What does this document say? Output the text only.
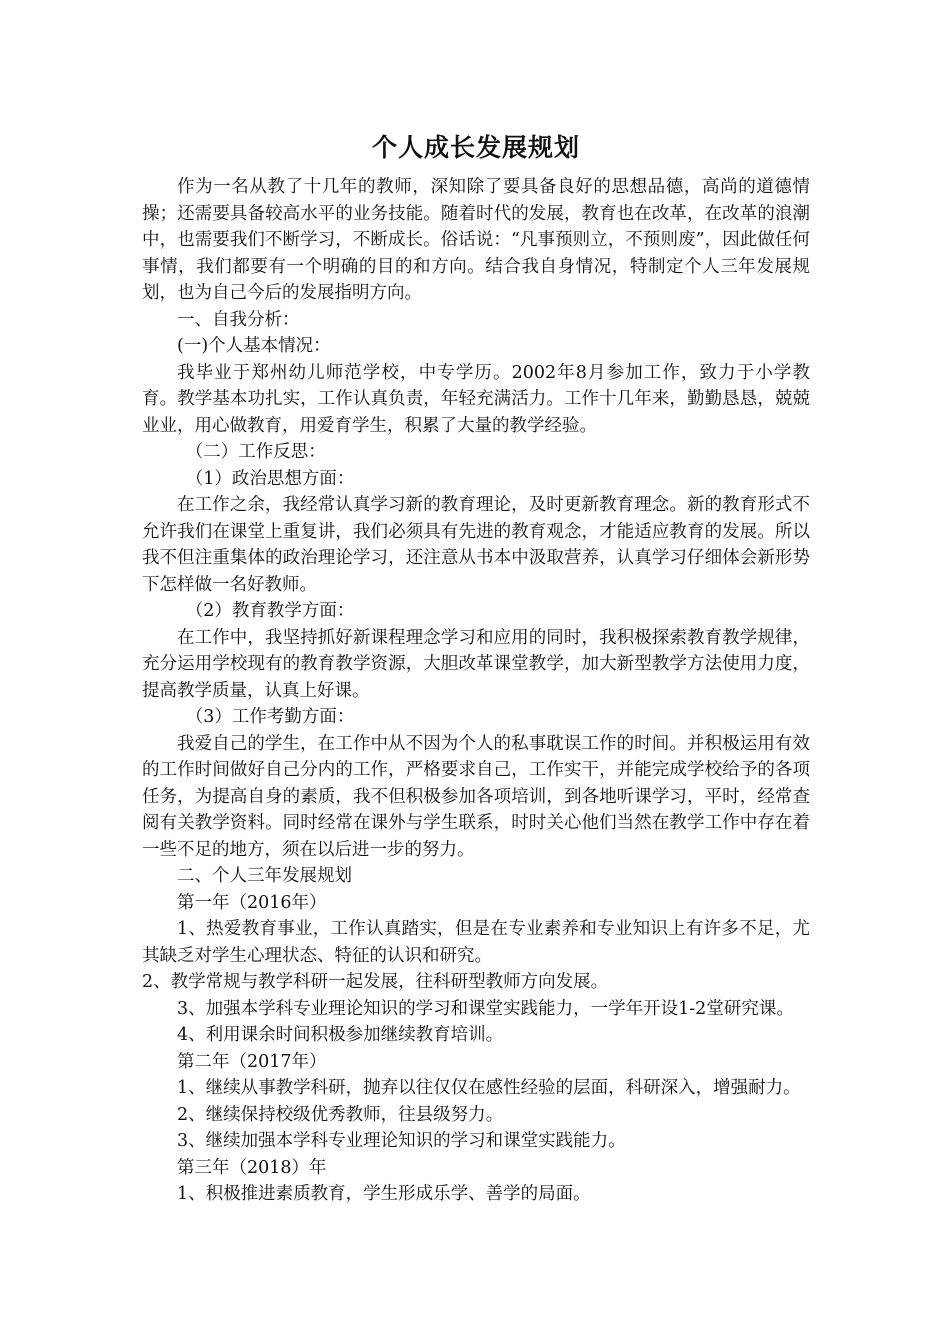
个人成长发展规划

作为一名从教了十几年的教师，深知除了要具备良好的思想品德，高尚的道德情操；还需要具备较高水平的业务技能。随着时代的发展，教育也在改革，在改革的浪潮中，也需要我们不断学习，不断成长。俗话说：“凡事预则立，不预则废”，因此做任何事情，我们都要有一个明确的目的和方向。结合我自身情况，特制定个人三年发展规划，也为自己今后的发展指明方向。

一、自我分析：

(一)个人基本情况：

我毕业于郑州幼儿师范学校，中专学历。2002年8月参加工作，致力于小学教育。教学基本功扎实，工作认真负责，年轻充满活力。工作十几年来，勤勤恳恳，兢兢业业，用心做教育，用爱育学生，积累了大量的教学经验。

（二）工作反思：

（1）政治思想方面：

在工作之余，我经常认真学习新的教育理论，及时更新教育理念。新的教育形式不允许我们在课堂上重复讲，我们必须具有先进的教育观念，才能适应教育的发展。所以我不但注重集体的政治理论学习，还注意从书本中汲取营养，认真学习仔细体会新形势下怎样做一名好教师。

（2）教育教学方面：

在工作中，我坚持抓好新课程理念学习和应用的同时，我积极探索教育教学规律，充分运用学校现有的教育教学资源，大胆改革课堂教学，加大新型教学方法使用力度，提高教学质量，认真上好课。

（3）工作考勤方面：

我爱自己的学生，在工作中从不因为个人的私事耽误工作的时间。并积极运用有效的工作时间做好自己分内的工作，严格要求自己，工作实干，并能完成学校给予的各项任务，为提高自身的素质，我不但积极参加各项培训，到各地听课学习，平时，经常查阅有关教学资料。同时经常在课外与学生联系，时时关心他们当然在教学工作中存在着一些不足的地方，须在以后进一步的努力。

二、个人三年发展规划

第一年（2016年）

1、热爱教育事业，工作认真踏实，但是在专业素养和专业知识上有许多不足，尤其缺乏对学生心理状态、特征的认识和研究。

2、教学常规与教学科研一起发展，往科研型教师方向发展。

3、加强本学科专业理论知识的学习和课堂实践能力，一学年开设1-2堂研究课。

4、利用课余时间积极参加继续教育培训。

第二年（2017年）

1、继续从事教学科研，抛弃以往仅仅在感性经验的层面，科研深入，增强耐力。

2、继续保持校级优秀教师，往县级努力。

3、继续加强本学科专业理论知识的学习和课堂实践能力。

第三年（2018）年

1、积极推进素质教育，学生形成乐学、善学的局面。
